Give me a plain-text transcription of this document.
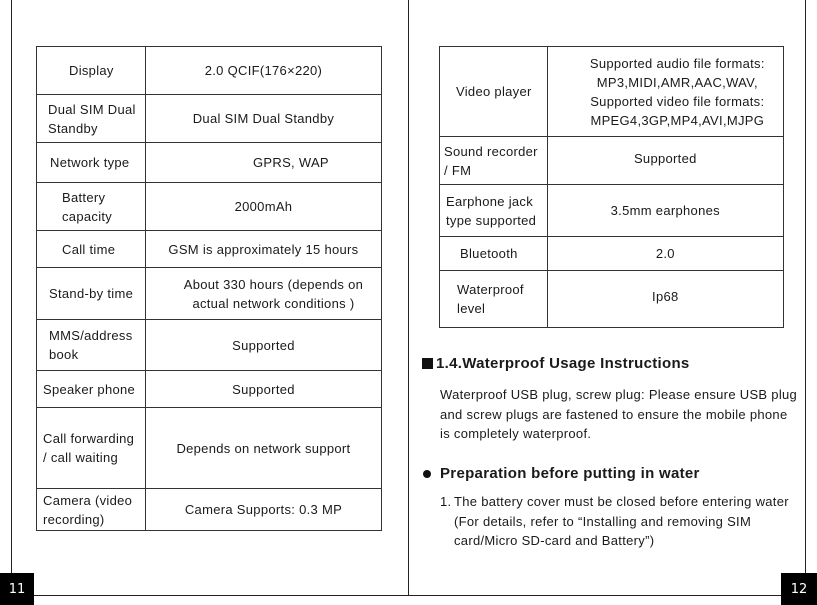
Display	2.0 QCIF(176×220)
Dual SIM Dual
Standby	Dual SIM Dual Standby
Network type	GPRS, WAP
Battery
capacity	2000mAh
Call time	GSM is approximately 15 hours
Stand-by time	About 330 hours (depends on
actual network conditions )
MMS/address
book	Supported
Speaker phone	Supported
Call forwarding
/ call waiting	Depends on network support
Camera (video
recording)	Camera Supports: 0.3 MP
Video player	Supported audio file formats:
MP3,MIDI,AMR,AAC,WAV,
Supported video file formats:
MPEG4,3GP,MP4,AVI,MJPG
Sound recorder
/ FM	Supported
Earphone jack
type supported	3.5mm earphones
Bluetooth	2.0
Waterproof
level	Ip68
1.4.Waterproof Usage Instructions
Waterproof USB plug, screw plug: Please ensure USB plug and screw plugs are fastened to ensure the mobile phone is completely waterproof.
Preparation before putting in water
1. The battery cover must be closed before entering water (For details, refer to “Installing and removing SIM card/Micro SD-card and Battery”)
11	12
